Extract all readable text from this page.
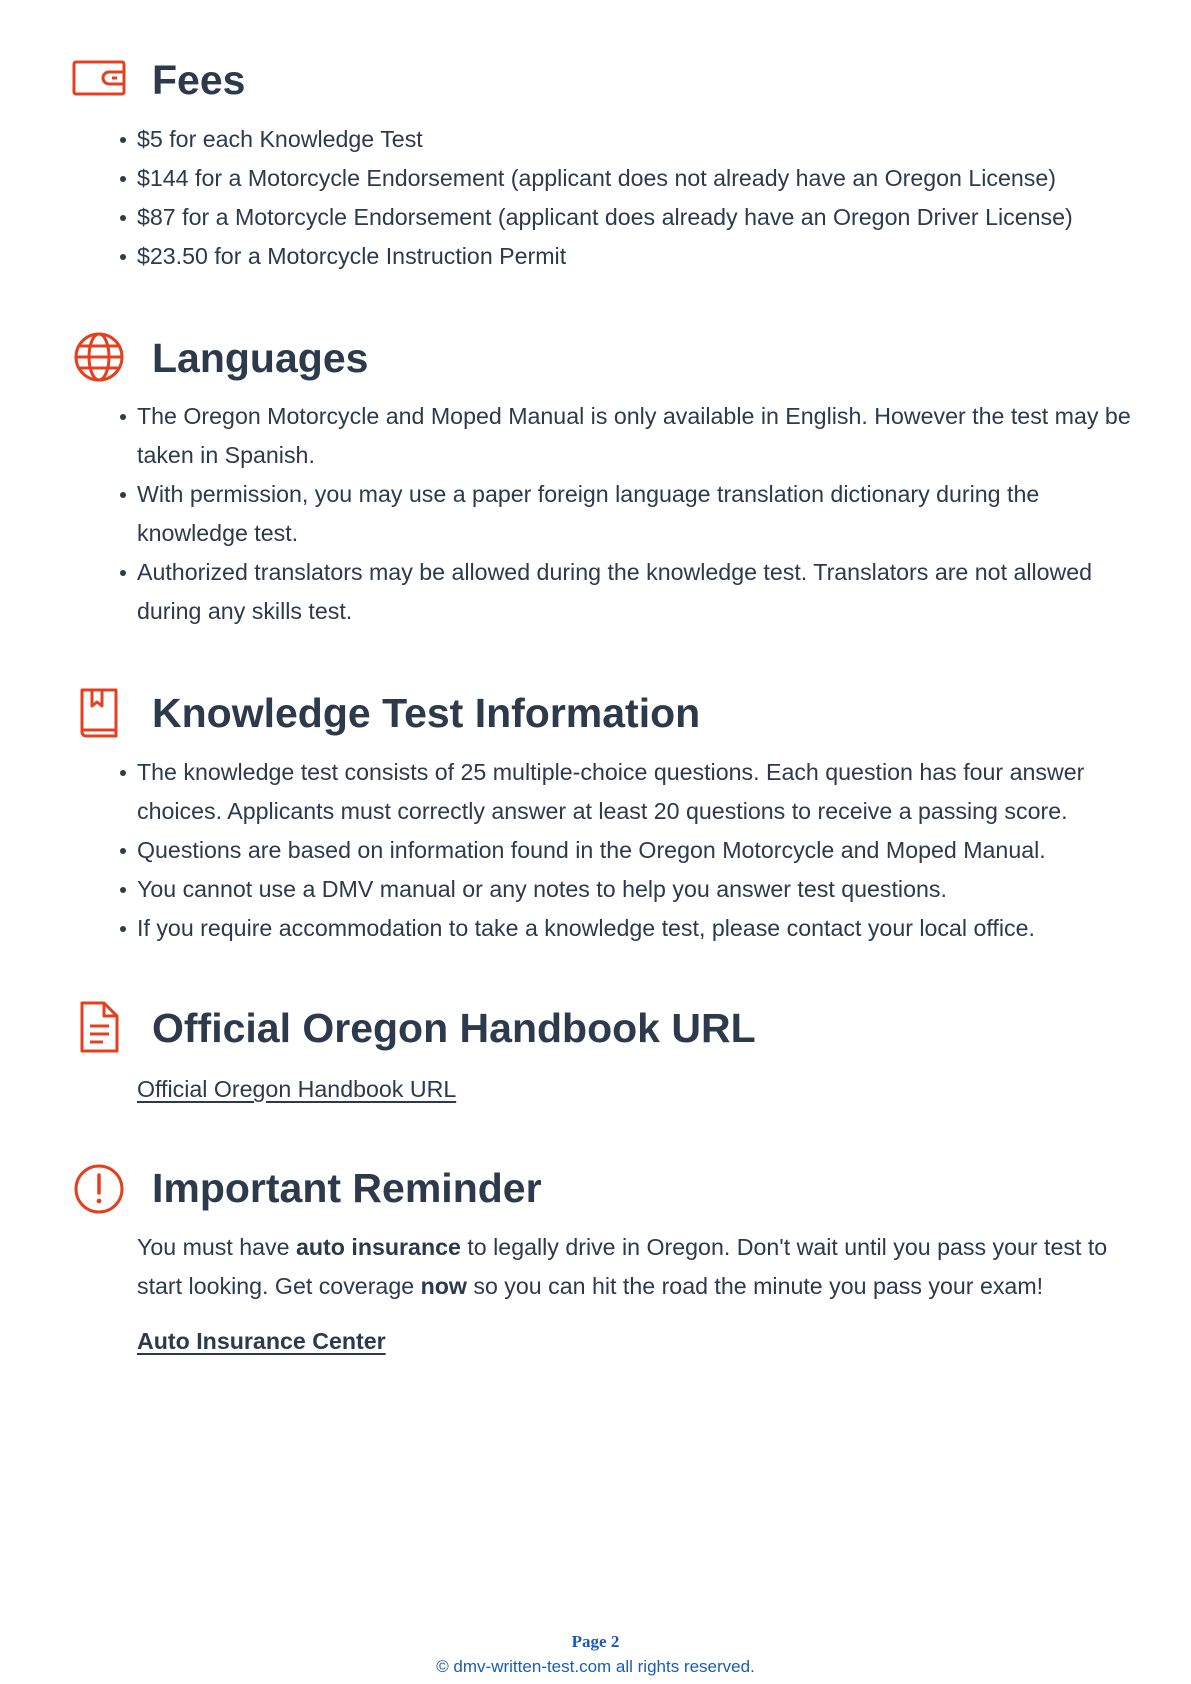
Fees
$5 for each Knowledge Test
$144 for a Motorcycle Endorsement (applicant does not already have an Oregon License)
$87 for a Motorcycle Endorsement (applicant does already have an Oregon Driver License)
$23.50 for a Motorcycle Instruction Permit
Languages
The Oregon Motorcycle and Moped Manual is only available in English. However the test may be taken in Spanish.
With permission, you may use a paper foreign language translation dictionary during the knowledge test.
Authorized translators may be allowed during the knowledge test. Translators are not allowed during any skills test.
Knowledge Test Information
The knowledge test consists of 25 multiple-choice questions. Each question has four answer choices. Applicants must correctly answer at least 20 questions to receive a passing score.
Questions are based on information found in the Oregon Motorcycle and Moped Manual.
You cannot use a DMV manual or any notes to help you answer test questions.
If you require accommodation to take a knowledge test, please contact your local office.
Official Oregon Handbook URL
Official Oregon Handbook URL
Important Reminder

You must have auto insurance to legally drive in Oregon. Don't wait until you pass your test to start looking. Get coverage now so you can hit the road the minute you pass your exam!

Auto Insurance Center
Page 2
© dmv-written-test.com all rights reserved.
